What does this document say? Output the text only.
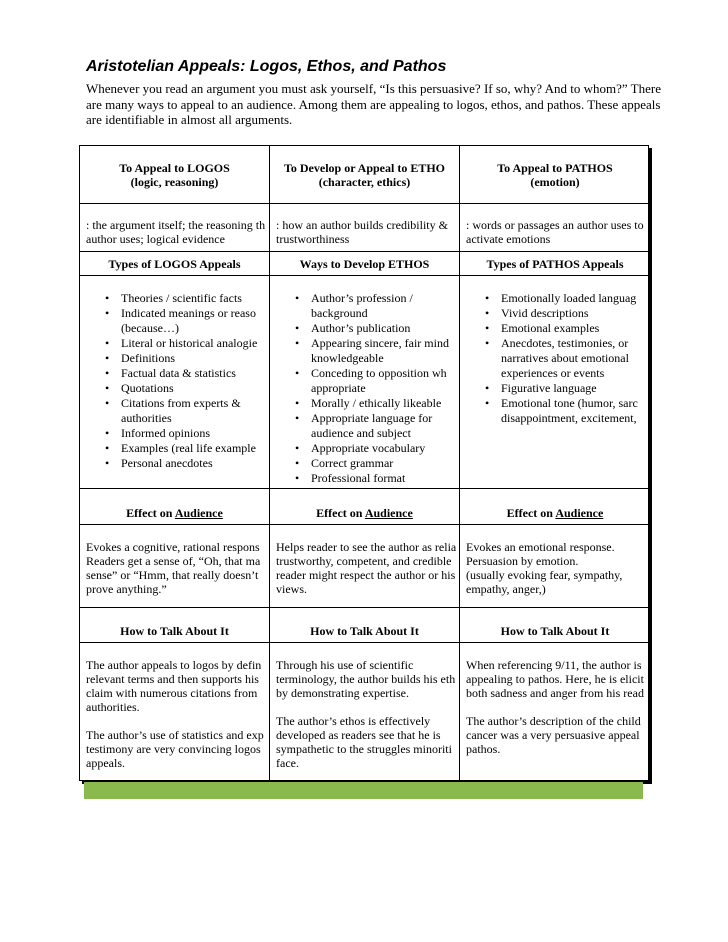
Aristotelian Appeals: Logos, Ethos, and Pathos
Whenever you read an argument you must ask yourself, “Is this persuasive? If so, why? And to whom?” There are many ways to appeal to an audience. Among them are appealing to logos, ethos, and pathos. These appeals are identifiable in almost all arguments.
To Appeal to LOGOS
(logic, reasoning)
: the argument itself; the reasoning th
author uses; logical evidence
Types of LOGOS Appeals
• Theories / scientific facts
• Indicated meanings or reaso
(because…)
• Literal or historical analogie
• Definitions
• Factual data & statistics
• Quotations
• Citations from experts &
authorities
• Informed opinions
• Examples (real life example
• Personal anecdotes
To Develop or Appeal to ETHO
(character, ethics)
: how an author builds credibility &
trustworthiness
Ways to Develop ETHOS
• Author’s profession /
background
• Author’s publication
• Appearing sincere, fair mind
knowledgeable
• Conceding to opposition wh
appropriate
• Morally / ethically likeable
• Appropriate language for
audience and subject
• Appropriate vocabulary
• Correct grammar
• Professional format
To Appeal to PATHOS
(emotion)
: words or passages an author uses to
activate emotions
Types of PATHOS Appeals
• Emotionally loaded languag
• Vivid descriptions
• Emotional examples
• Anecdotes, testimonies, or
narratives about emotional
experiences or events
• Figurative language
• Emotional tone (humor, sarc
disappointment, excitement,
Effect on Audience
Evokes a cognitive, rational respons
Readers get a sense of, “Oh, that ma
sense” or “Hmm, that really doesn’t
prove anything.”
Effect on Audience
Helps reader to see the author as relia
trustworthy, competent, and credible
reader might respect the author or his
views.
Effect on Audience
Evokes an emotional response.
Persuasion by emotion.
(usually evoking fear, sympathy,
empathy, anger,)
How to Talk About It
The author appeals to logos by defin
relevant terms and then supports his
claim with numerous citations from
authorities.
The author’s use of statistics and exp
testimony are very convincing logos
appeals.
How to Talk About It
Through his use of scientific
terminology, the author builds his eth
by demonstrating expertise.
The author’s ethos is effectively
developed as readers see that he is
sympathetic to the struggles minoriti
face.
How to Talk About It
When referencing 9/11, the author is
appealing to pathos. Here, he is elicit
both sadness and anger from his read
The author’s description of the child
cancer was a very persuasive appeal
pathos.
